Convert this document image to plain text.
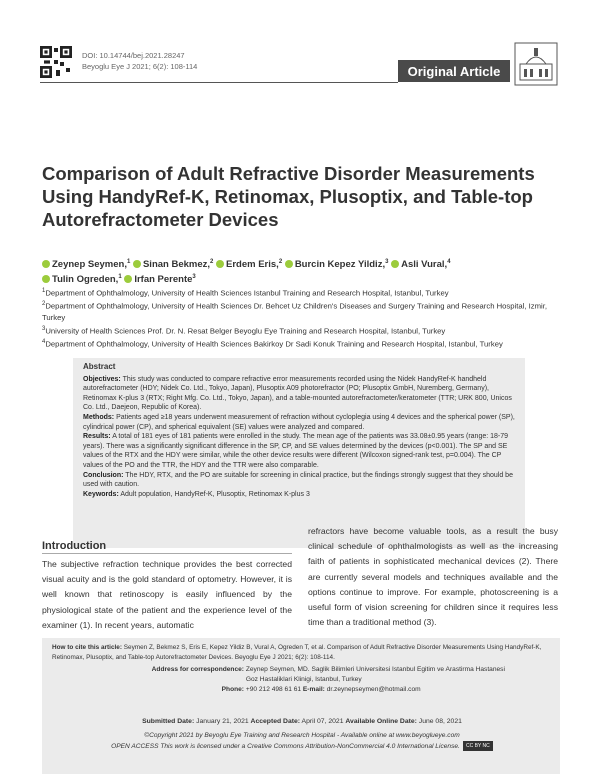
DOI: 10.14744/bej.2021.28247
Beyoglu Eye J 2021; 6(2): 108-114	Original Article
Comparison of Adult Refractive Disorder Measurements Using HandyRef-K, Retinomax, Plusoptix, and Table-top Autorefractometer Devices
Zeynep Seymen,$^1$ Sinan Bekmez,$^2$ Erdem Eris,$^2$ Burcin Kepez Yildiz,$^3$ Asli Vural,$^4$
Tulin Ogreden,$^1$ Irfan Perente$^3$

$^1$Department of Ophthalmology, University of Health Sciences Istanbul Training and Research Hospital, Istanbul, Turkey

$^2$Department of Ophthalmology, University of Health Sciences Dr. Behcet Uz Children's Diseases and Surgery Training and Research Hospital, Izmir, Turkey

$^3$University of Health Sciences Prof. Dr. N. Resat Belger Beyoglu Eye Training and Research Hospital, Istanbul, Turkey

$^4$Department of Ophthalmology, University of Health Sciences Bakirkoy Dr Sadi Konuk Training and Research Hospital, Istanbul, Turkey

Abstract

Objectives: This study was conducted to compare refractive error measurements recorded using the Nidek HandyRef-K handheld autorefractometer (HDY; Nidek Co. Ltd., Tokyo, Japan), Plusoptix A09 photorefractor (PO; Plusoptix GmbH, Nuremberg, Germany), Retinomax K-plus 3 (RTX; Right Mfg. Co. Ltd., Tokyo, Japan), and a table-mounted autorefractometer/keratometer (TTR; URK 800, Unicos Co. Ltd., Daejeon, Republic of Korea).

Methods: Patients aged ≥18 years underwent measurement of refraction without cycloplegia using 4 devices and the spherical power (SP), cylindrical power (CP), and spherical equivalent (SE) values were analyzed and compared.

Results: A total of 181 eyes of 181 patients were enrolled in the study. The mean age of the patients was 33.08±0.95 years (range: 18-79 years). There was a significantly significant difference in the SP, CP, and SE values determined by the devices (p<0.001). The SP and SE values of the RTX and the HDY were similar, while the other device results were different (Wilcoxon signed-rank test, p=0.004). The CP values of the PO and the TTR, the HDY and the TTR were also comparable.

Conclusion: The HDY, RTX, and the PO are suitable for screening in clinical practice, but the findings strongly suggest that they should be used with caution.

Keywords: Adult population, HandyRef-K, Plusoptix, Retinomax K-plus 3

Introduction
The subjective refraction technique provides the best corrected visual acuity and is the gold standard of optometry. However, it is well known that retinoscopy is easily influenced by the physiological state of the patient and the experience level of the examiner (1). In recent years, automatic
refractors have become valuable tools, as a result the busy clinical schedule of ophthalmologists as well as the increasing faith of patients in sophisticated mechanical devices (2). There are currently several models and techniques available and the options continue to improve. For example, photoscreening is a useful form of vision screening for children since it requires less time than a traditional method (3).
How to cite this article: Seymen Z, Bekmez S, Eris E, Kepez Yildiz B, Vural A, Ogreden T, et al. Comparison of Adult Refractive Disorder Measurements Using HandyRef-K, Retinomax, Plusoptix, and Table-top Autorefractometer Devices. Beyoglu Eye J 2021; 6(2): 108-114.
Address for correspondence: Zeynep Seymen, MD. Saglik Bilimleri Universitesi Istanbul Egitim ve Arastirma Hastanesi
Goz Hastaliklari Klinigi, Istanbul, Turkey
Phone: +90 212 498 61 61 E-mail: dr.zeynepseymen@hotmail.com
Submitted Date: January 21, 2021 Accepted Date: April 07, 2021 Available Online Date: June 08, 2021
©Copyright 2021 by Beyoglu Eye Training and Research Hospital - Available online at www.beyoglueye.com
OPEN ACCESS This work is licensed under a Creative Commons Attribution-NonCommercial 4.0 International License. CC BY NC
